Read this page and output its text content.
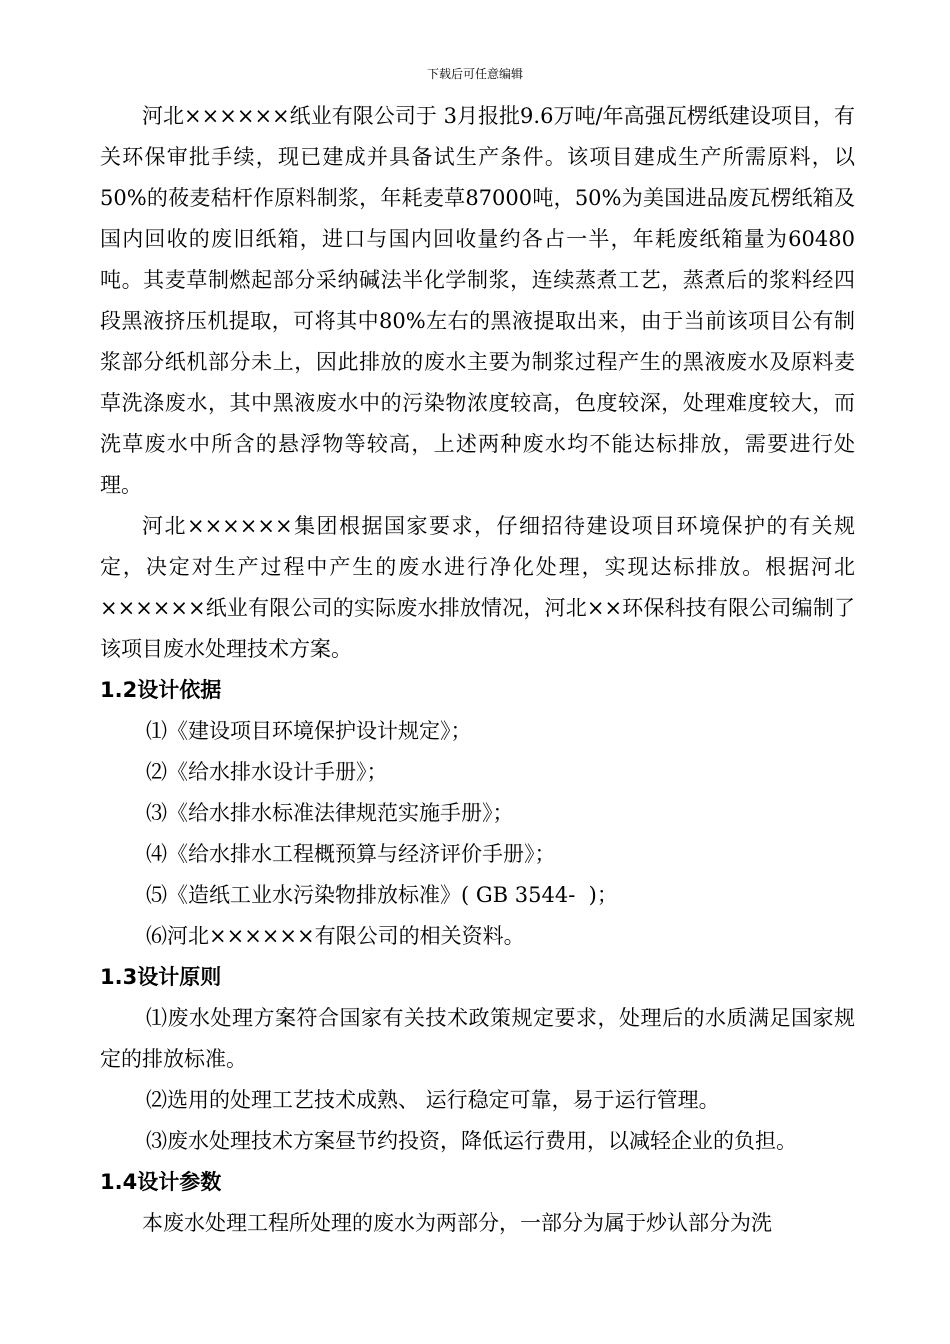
下载后可任意编辑

河北××××××纸业有限公司于 3月报批9.6万吨/年高强瓦楞纸建设项目，有关环保审批手续，现已建成并具备试生产条件。该项目建成生产所需原料，以50%的莜麦秸杆作原料制浆，年耗麦草87000吨，50%为美国进品废瓦楞纸箱及国内回收的废旧纸箱，进口与国内回收量约各占一半，年耗废纸箱量为60480吨。其麦草制燃起部分采纳碱法半化学制浆，连续蒸煮工艺，蒸煮后的浆料经四段黑液挤压机提取，可将其中80%左右的黑液提取出来，由于当前该项目公有制浆部分纸机部分未上，因此排放的废水主要为制浆过程产生的黑液废水及原料麦草洗涤废水，其中黑液废水中的污染物浓度较高，色度较深，处理难度较大，而洗草废水中所含的悬浮物等较高，上述两种废水均不能达标排放，需要进行处理。

河北××××××集团根据国家要求，仔细招待建设项目环境保护的有关规定，决定对生产过程中产生的废水进行净化处理，实现达标排放。根据河北××××××纸业有限公司的实际废水排放情况，河北××环保科技有限公司编制了该项目废水处理技术方案。

1.2设计依据

⑴《建设项目环境保护设计规定》；

⑵《给水排水设计手册》；

⑶《给水排水标准法律规范实施手册》；

⑷《给水排水工程概预算与经济评价手册》；

⑸《造纸工业水污染物排放标准》( GB 3544-  )；

⑹河北××××××有限公司的相关资料。

1.3设计原则

⑴废水处理方案符合国家有关技术政策规定要求，处理后的水质满足国家规定的排放标准。

⑵选用的处理工艺技术成熟、 运行稳定可靠，易于运行管理。

⑶废水处理技术方案昼节约投资，降低运行费用，以减轻企业的负担。

1.4设计参数

本废水处理工程所处理的废水为两部分，一部分为属于炒认部分为洗
